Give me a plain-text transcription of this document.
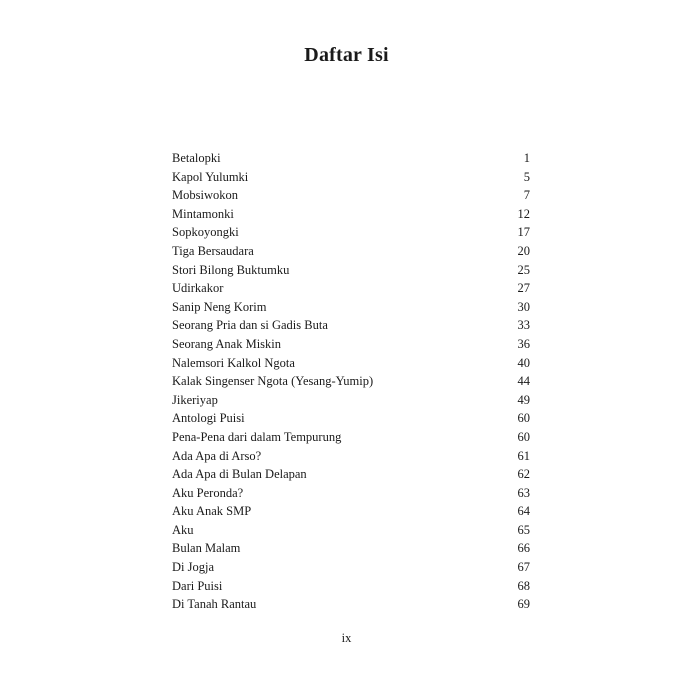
Daftar Isi
Betalopki	1
Kapol Yulumki	5
Mobsiwokon	7
Mintamonki	12
Sopkoyongki	17
Tiga Bersaudara	20
Stori Bilong Buktumku	25
Udirkakor	27
Sanip Neng Korim	30
Seorang Pria dan si Gadis Buta	33
Seorang Anak Miskin	36
Nalemsori Kalkol Ngota	40
Kalak Singenser Ngota (Yesang-Yumip)	44
Jikeriyap	49
Antologi Puisi	60
Pena-Pena dari dalam Tempurung	60
Ada Apa di Arso?	61
Ada Apa di Bulan Delapan	62
Aku Peronda?	63
Aku Anak SMP	64
Aku	65
Bulan Malam	66
Di Jogja	67
Dari Puisi	68
Di Tanah Rantau	69
ix
